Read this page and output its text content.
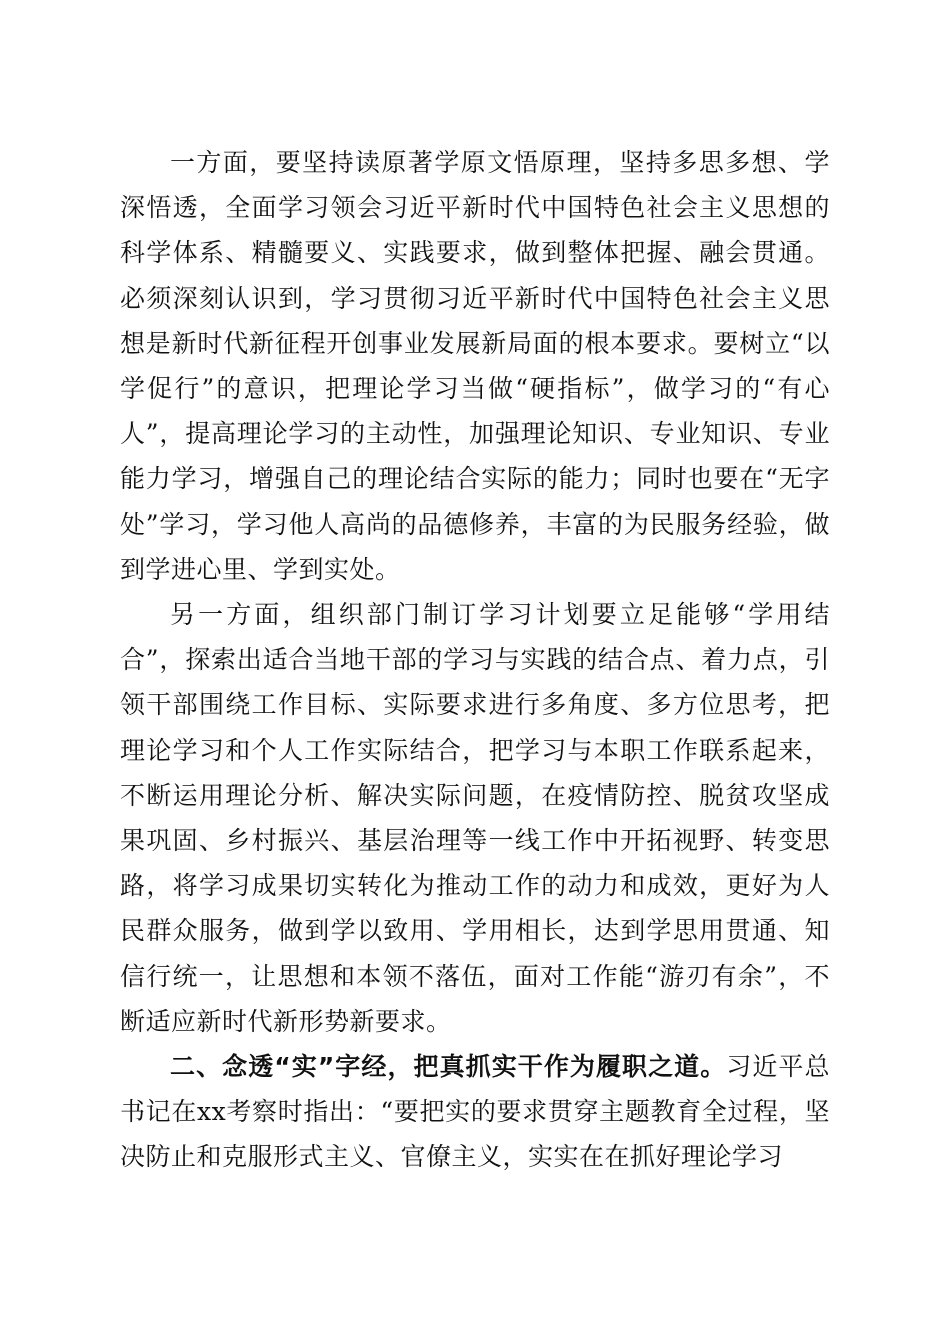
一方面，要坚持读原著学原文悟原理，坚持多思多想、学深悟透，全面学习领会习近平新时代中国特色社会主义思想的科学体系、精髓要义、实践要求，做到整体把握、融会贯通。必须深刻认识到，学习贯彻习近平新时代中国特色社会主义思想是新时代新征程开创事业发展新局面的根本要求。要树立“以学促行”的意识，把理论学习当做“硬指标”，做学习的“有心人”，提高理论学习的主动性，加强理论知识、专业知识、专业能力学习，增强自己的理论结合实际的能力；同时也要在“无字处”学习，学习他人高尚的品德修养，丰富的为民服务经验，做到学进心里、学到实处。

另一方面，组织部门制订学习计划要立足能够“学用结合”，探索出适合当地干部的学习与实践的结合点、着力点，引领干部围绕工作目标、实际要求进行多角度、多方位思考，把理论学习和个人工作实际结合，把学习与本职工作联系起来，不断运用理论分析、解决实际问题，在疫情防控、脱贫攻坚成果巩固、乡村振兴、基层治理等一线工作中开拓视野、转变思路，将学习成果切实转化为推动工作的动力和成效，更好为人民群众服务，做到学以致用、学用相长，达到学思用贯通、知信行统一，让思想和本领不落伍，面对工作能“游刃有余”，不断适应新时代新形势新要求。

二、念透“实”字经，把真抓实干作为履职之道。习近平总书记在xx考察时指出：“要把实的要求贯穿主题教育全过程，坚决防止和克服形式主义、官僚主义，实实在在抓好理论学习
